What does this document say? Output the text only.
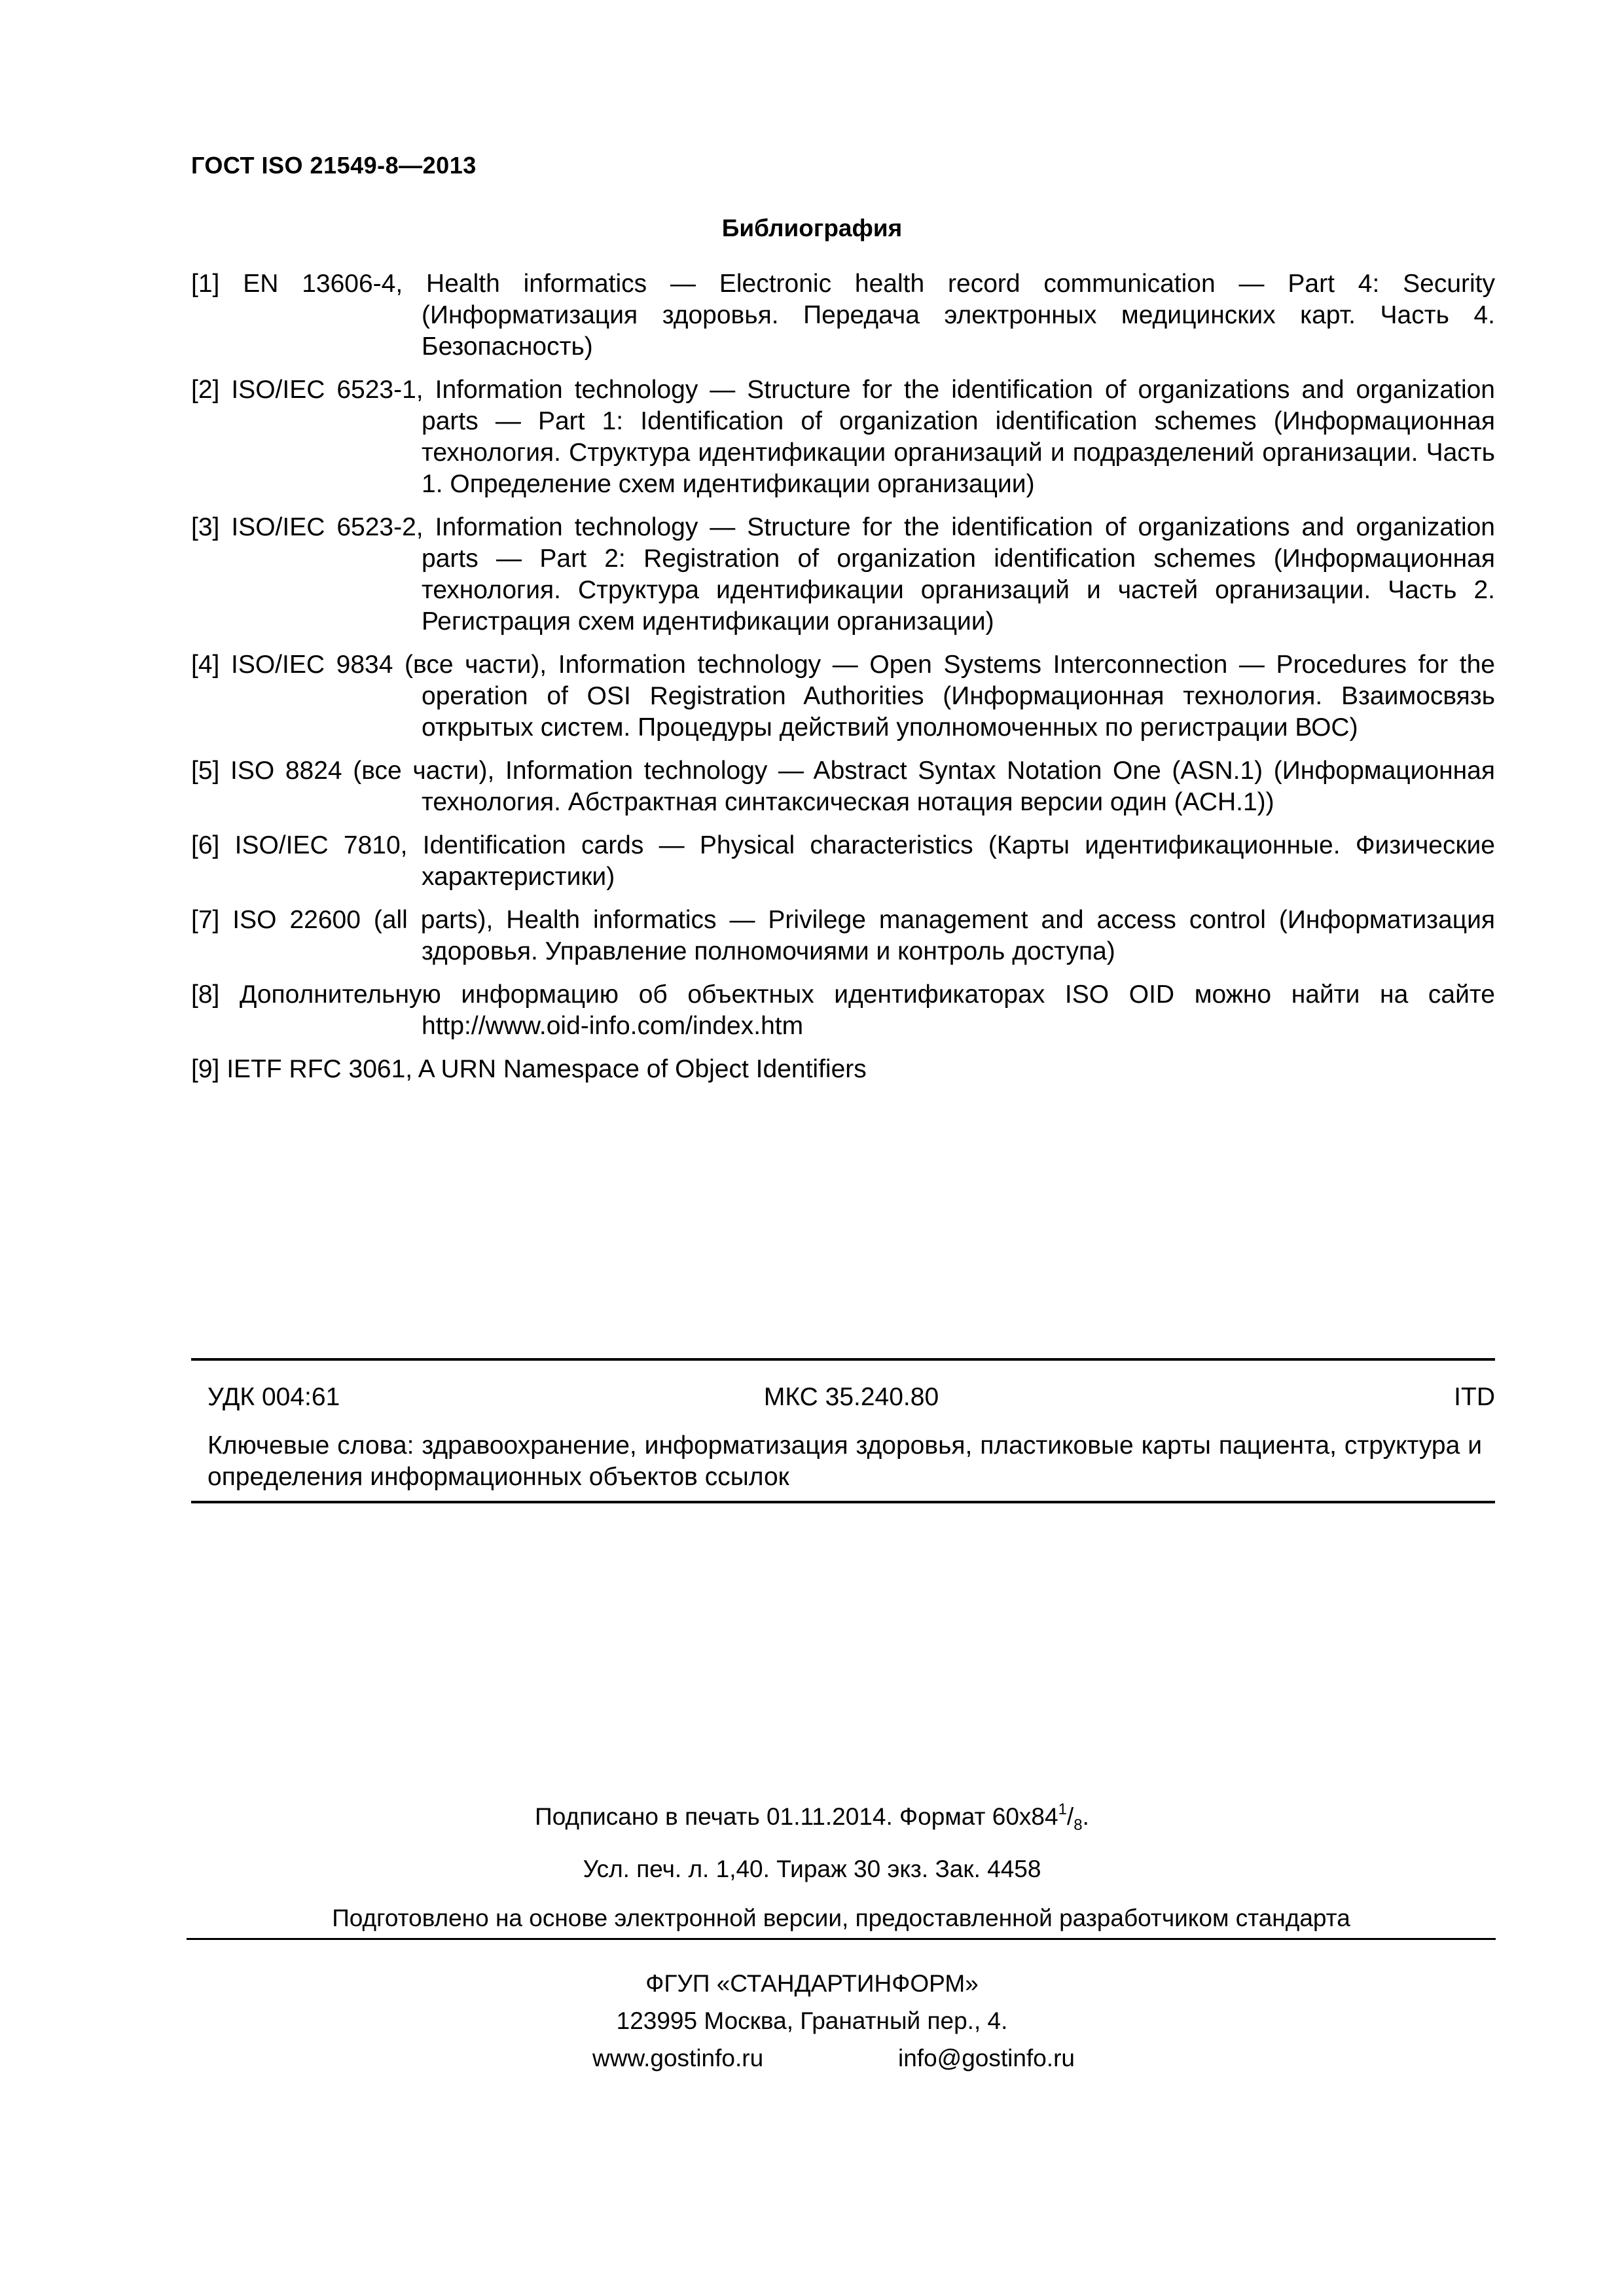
ГОСТ ISO 21549-8—2013
Библиография
[1] EN 13606-4, Health informatics — Electronic health record communication — Part 4: Security (Информатизация здоровья. Передача электронных медицинских карт. Часть 4. Безопасность)
[2] ISO/IEC 6523-1, Information technology — Structure for the identification of organizations and organization parts — Part 1: Identification of organization identification schemes (Информационная технология. Структура идентификации организаций и подразделений организации. Часть 1. Определение схем идентификации организации)
[3] ISO/IEC 6523-2, Information technology — Structure for the identification of organizations and organization parts — Part 2: Registration of organization identification schemes (Информационная технология. Структура идентификации организаций и частей организации. Часть 2. Регистрация схем идентификации организации)
[4] ISO/IEC 9834 (все части), Information technology — Open Systems Interconnection — Procedures for the operation of OSI Registration Authorities (Информационная технология. Взаимосвязь открытых систем. Процедуры действий уполномоченных по регистрации ВОС)
[5] ISO 8824 (все части), Information technology — Abstract Syntax Notation One (ASN.1) (Информационная технология. Абстрактная синтаксическая нотация версии один (АСН.1))
[6] ISO/IEC 7810, Identification cards — Physical characteristics (Карты идентификационные. Физические характеристики)
[7] ISO 22600 (all parts), Health informatics — Privilege management and access control (Информатизация здоровья. Управление полномочиями и контроль доступа)
[8] Дополнительную информацию об объектных идентификаторах ISO OID можно найти на сайте http://www.oid-info.com/index.htm
[9] IETF RFC 3061, A URN Namespace of Object Identifiers
УДК 004:61	МКС 35.240.80	ITD
Ключевые слова: здравоохранение, информатизация здоровья, пластиковые карты пациента, структура и определения информационных объектов ссылок
Подписано в печать 01.11.2014. Формат $60x84^1/_8$.
Усл. печ. л. 1,40. Тираж 30 экз. Зак. 4458
Подготовлено на основе электронной версии, предоставленной разработчиком стандарта
ФГУП «СТАНДАРТИНФОРМ»
123995 Москва, Гранатный пер., 4.
www.gostinfo.ru	info@gostinfo.ru
